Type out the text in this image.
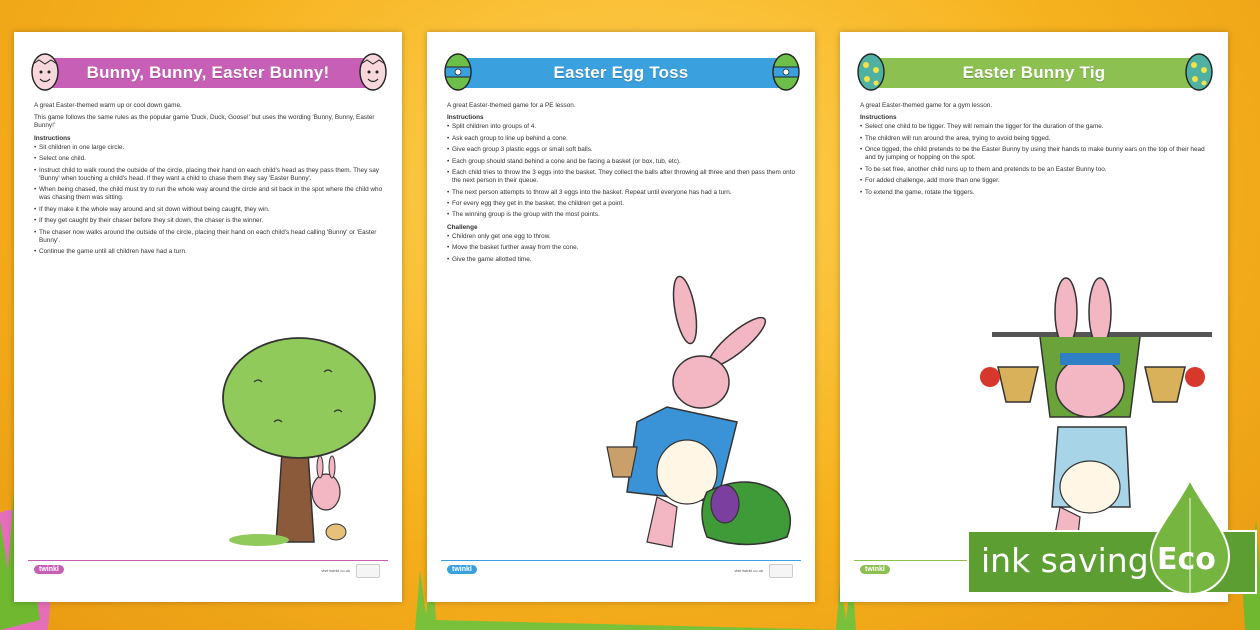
Bunny, Bunny, Easter Bunny!

A great Easter-themed warm up or cool down game.

This game follows the same rules as the popular game 'Duck, Duck, Goose!' but uses the wording 'Bunny, Bunny, Easter Bunny!'

Instructions
• Sit children in one large circle.
• Select one child.
• Instruct child to walk round the outside of the circle, placing their hand on each child's head as they pass them. They say 'Bunny' when touching a child's head. If they want a child to chase them they say 'Easter Bunny'.
• When being chased, the child must try to run the whole way around the circle and sit back in the spot where the child who was chasing them was sitting.
• If they make it the whole way around and sit down without being caught, they win.
• If they get caught by their chaser before they sit down, the chaser is the winner.
• The chaser now walks around the outside of the circle, placing their hand on each child's head calling 'Bunny' or 'Easter Bunny'.
• Continue the game until all children have had a turn.
twinkl	visit twinkl.co.uk
Easter Egg Toss

A great Easter-themed game for a PE lesson.

Instructions
• Split children into groups of 4.
• Ask each group to line up behind a cone.
• Give each group 3 plastic eggs or small soft balls.
• Each group should stand behind a cone and be facing a basket (or box, tub, etc).
• Each child tries to throw the 3 eggs into the basket. They collect the balls after throwing all three and then pass them onto the next person in their queue.
• The next person attempts to throw all 3 eggs into the basket. Repeat until everyone has had a turn.
• For every egg they get in the basket, the children get a point.
• The winning group is the group with the most points.
Challenge
• Children only get one egg to throw.
• Move the basket further away from the cone.
• Give the game allotted time.
twinkl	visit twinkl.co.uk
Easter Bunny Tig

A great Easter-themed game for a gym lesson.

Instructions
• Select one child to be tigger. They will remain the tigger for the duration of the game.
• The children will run around the area, trying to avoid being tigged.
• Once tigged, the child pretends to be the Easter Bunny by using their hands to make bunny ears on the top of their head and by jumping or hopping on the spot.
• To be set free, another child runs up to them and pretends to be an Easter Bunny too.
• For added challenge, add more than one tigger.
• To extend the game, rotate the tiggers.
twinkl	ink saving Eco
